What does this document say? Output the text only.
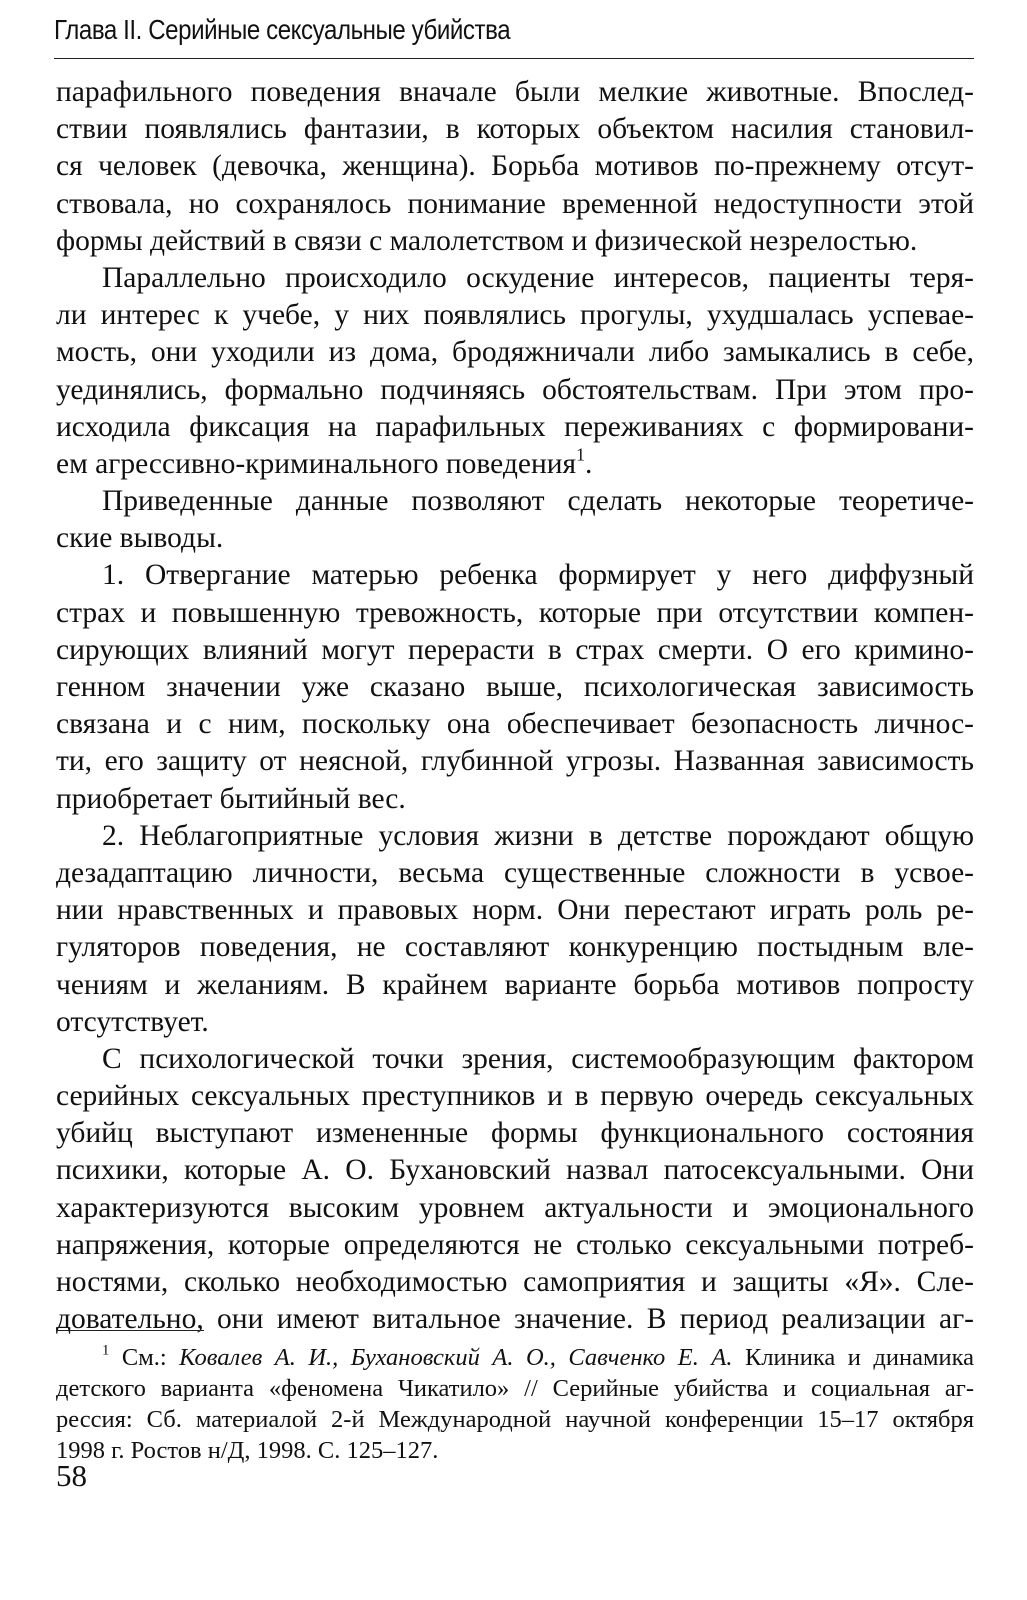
Глава II. Серийные сексуальные убийства
парафильного поведения вначале были мелкие животные. Впослед-
ствии появлялись фантазии, в которых объектом насилия становил-
ся человек (девочка, женщина). Борьба мотивов по-прежнему отсут-
ствовала, но сохранялось понимание временной недоступности этой
формы действий в связи с малолетством и физической незрелостью.
Параллельно происходило оскудение интересов, пациенты теря-
ли интерес к учебе, у них появлялись прогулы, ухудшалась успевае-
мость, они уходили из дома, бродяжничали либо замыкались в себе,
уединялись, формально подчиняясь обстоятельствам. При этом про-
исходила фиксация на парафильных переживаниях с формировани-
ем агрессивно-криминального поведения$^1$.
Приведенные данные позволяют сделать некоторые теоретиче-
ские выводы.
1. Отвергание матерью ребенка формирует у него диффузный
страх и повышенную тревожность, которые при отсутствии компен-
сирующих влияний могут перерасти в страх смерти. О его кримино-
генном значении уже сказано выше, психологическая зависимость
связана и с ним, поскольку она обеспечивает безопасность личнос-
ти, его защиту от неясной, глубинной угрозы. Названная зависимость
приобретает бытийный вес.
2. Неблагоприятные условия жизни в детстве порождают общую
дезадаптацию личности, весьма существенные сложности в усвое-
нии нравственных и правовых норм. Они перестают играть роль ре-
гуляторов поведения, не составляют конкуренцию постыдным вле-
чениям и желаниям. В крайнем варианте борьба мотивов попросту
отсутствует.
С психологической точки зрения, системообразующим фактором
серийных сексуальных преступников и в первую очередь сексуальных
убийц выступают измененные формы функционального состояния
психики, которые А. О. Бухановский назвал патосексуальными. Они
характеризуются высоким уровнем актуальности и эмоционального
напряжения, которые определяются не столько сексуальными потреб-
ностями, сколько необходимостью самоприятия и защиты «Я». Сле-
довательно, они имеют витальное значение. В период реализации аг-
$^1$ См.: Ковалев А. И., Бухановский А. О., Савченко Е. А. Клиника и динамика
детского варианта «феномена Чикатило» // Серийные убийства и социальная аг-
рессия: Сб. материалой 2-й Международной научной конференции 15–17 октября
1998 г. Ростов н/Д, 1998. С. 125–127.
58
